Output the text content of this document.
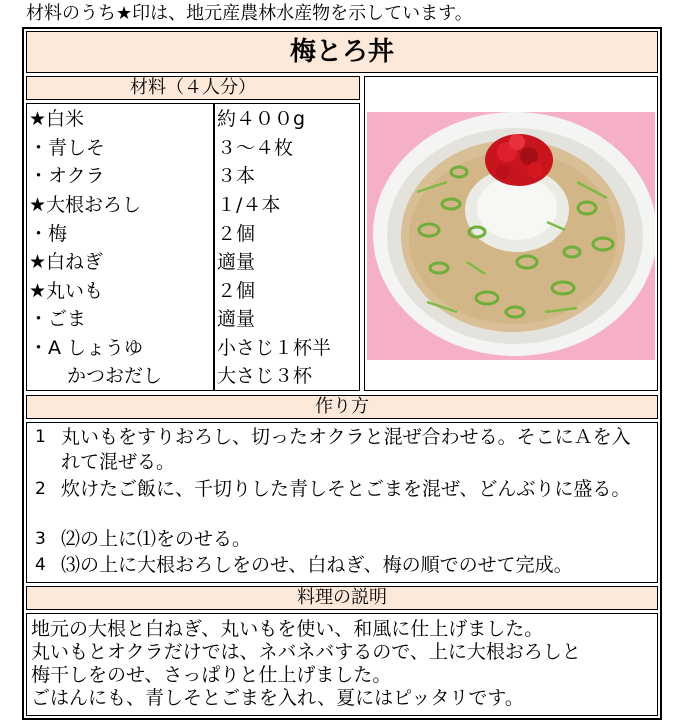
材料のうち★印は、地元産農林水産物を示しています。
梅とろ丼
材料（４人分）
★白米	約４００g
・青しそ	３～４枚
・オクラ	３本
★大根おろし	１/４本
・梅	２個
★白ねぎ	適量
★丸いも	２個
・ごま	適量
・A しょうゆ	小さじ１杯半
　　かつおだし	大さじ３杯
作り方
1 丸いもをすりおろし、切ったオクラと混ぜ合わせる。そこにＡを入れて混ぜる。
2 炊けたご飯に、千切りした青しそとごまを混ぜ、どんぶりに盛る。
3 ⑵の上に⑴をのせる。
4 ⑶の上に大根おろしをのせ、白ねぎ、梅の順でのせて完成。
料理の説明
地元の大根と白ねぎ、丸いもを使い、和風に仕上げました。
丸いもとオクラだけでは、ネバネバするので、上に大根おろしと
梅干しをのせ、さっぱりと仕上げました。
ごはんにも、青しそとごまを入れ、夏にはピッタリです。
